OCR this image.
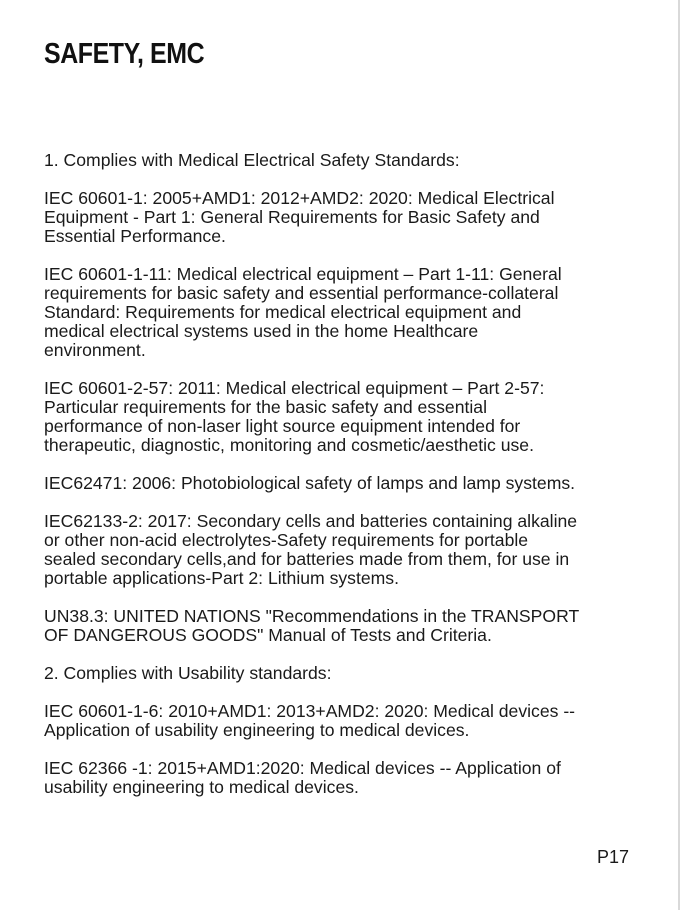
SAFETY, EMC

1. Complies with Medical Electrical Safety Standards:

IEC 60601-1: 2005+AMD1: 2012+AMD2: 2020: Medical Electrical
Equipment - Part 1: General Requirements for Basic Safety and
Essential Performance.

IEC 60601-1-11: Medical electrical equipment – Part 1-11: General
requirements for basic safety and essential performance-collateral
Standard: Requirements for medical electrical equipment and
medical electrical systems used in the home Healthcare
environment.

IEC 60601-2-57: 2011: Medical electrical equipment – Part 2-57:
Particular requirements for the basic safety and essential
performance of non-laser light source equipment intended for
therapeutic, diagnostic, monitoring and cosmetic/aesthetic use.

IEC62471: 2006: Photobiological safety of lamps and lamp systems.

IEC62133-2: 2017: Secondary cells and batteries containing alkaline
or other non-acid electrolytes-Safety requirements for portable
sealed secondary cells,and for batteries made from them, for use in
portable applications-Part 2: Lithium systems.

UN38.3: UNITED NATIONS "Recommendations in the TRANSPORT
OF DANGEROUS GOODS" Manual of Tests and Criteria.

2. Complies with Usability standards:

IEC 60601-1-6: 2010+AMD1: 2013+AMD2: 2020: Medical devices --
Application of usability engineering to medical devices.

IEC 62366 -1: 2015+AMD1:2020: Medical devices -- Application of
usability engineering to medical devices.

P17
